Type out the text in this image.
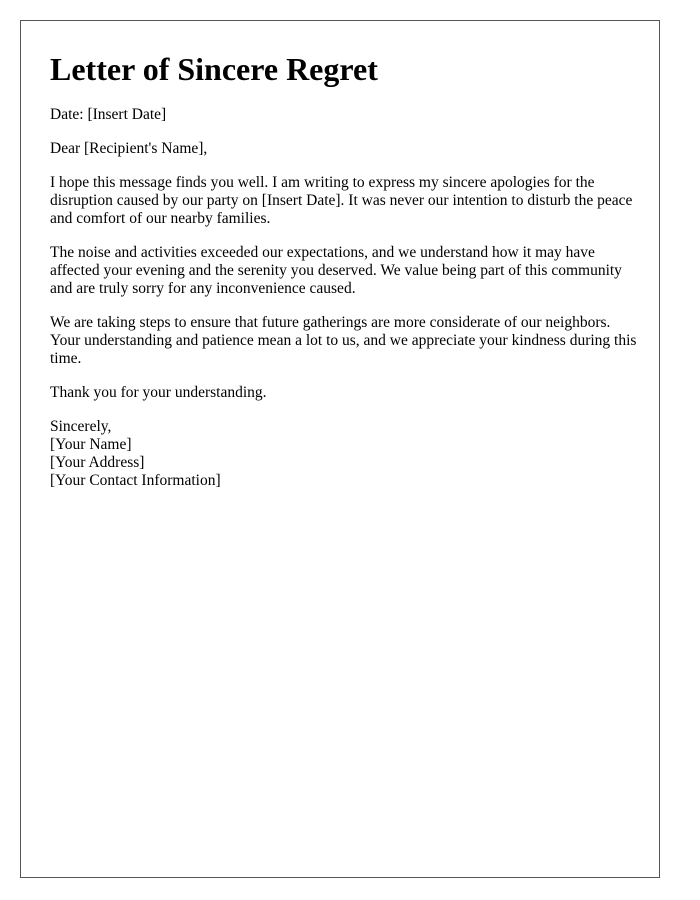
Letter of Sincere Regret

Date: [Insert Date]

Dear [Recipient's Name],

I hope this message finds you well. I am writing to express my sincere apologies for the disruption caused by our party on [Insert Date]. It was never our intention to disturb the peace and comfort of our nearby families.

The noise and activities exceeded our expectations, and we understand how it may have affected your evening and the serenity you deserved. We value being part of this community and are truly sorry for any inconvenience caused.

We are taking steps to ensure that future gatherings are more considerate of our neighbors. Your understanding and patience mean a lot to us, and we appreciate your kindness during this time.

Thank you for your understanding.

Sincerely,
[Your Name]
[Your Address]
[Your Contact Information]
